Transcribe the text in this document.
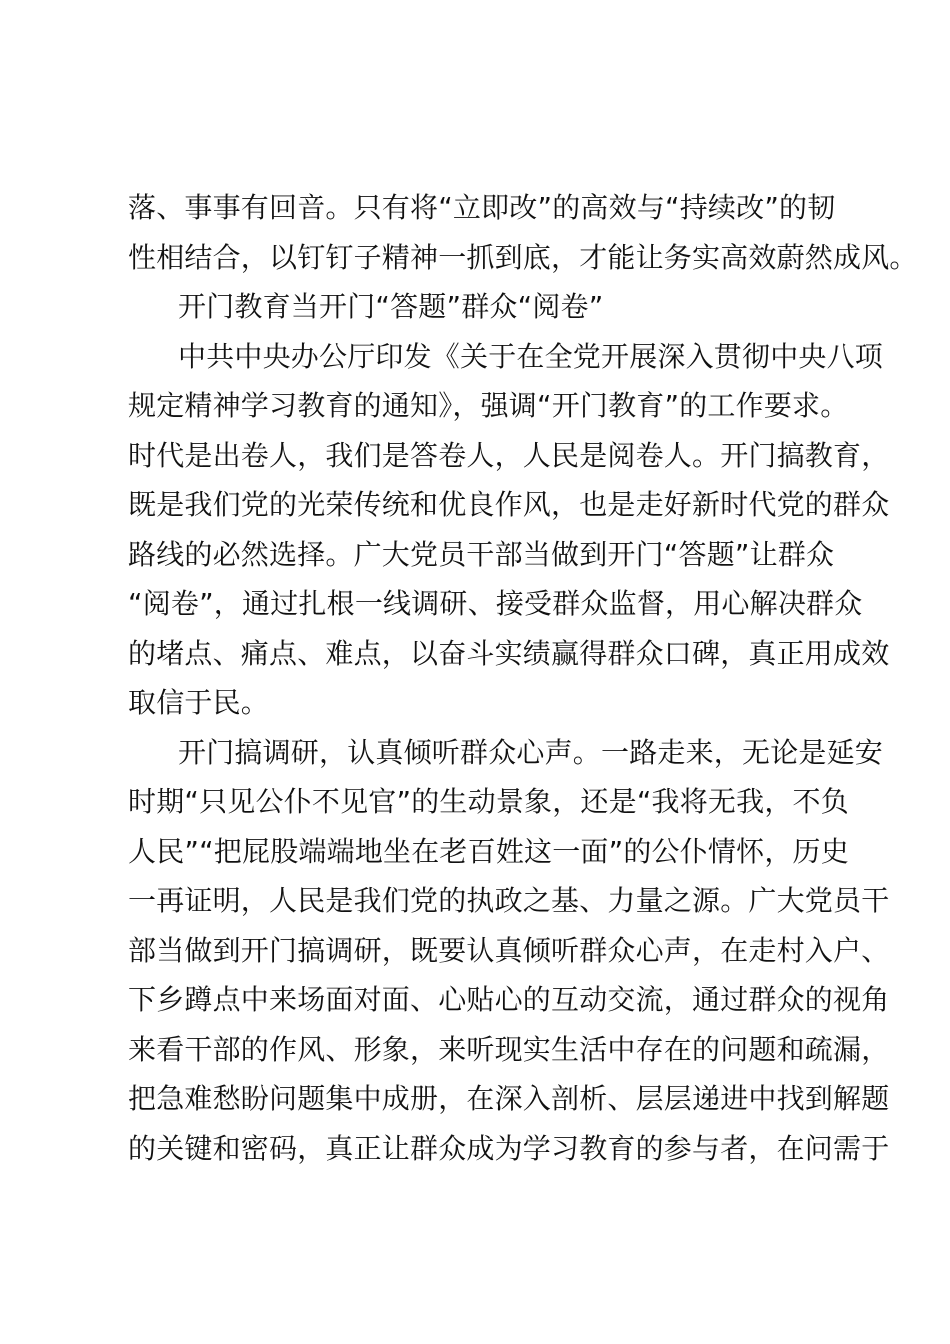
落、事事有回音。只有将“立即改”的高效与“持续改”的韧
性相结合，以钉钉子精神一抓到底，才能让务实高效蔚然成风。
开门教育当开门“答题”群众“阅卷”
中共中央办公厅印发《关于在全党开展深入贯彻中央八项
规定精神学习教育的通知》，强调“开门教育”的工作要求。
时代是出卷人，我们是答卷人，人民是阅卷人。开门搞教育，
既是我们党的光荣传统和优良作风，也是走好新时代党的群众
路线的必然选择。广大党员干部当做到开门“答题”让群众
“阅卷”，通过扎根一线调研、接受群众监督，用心解决群众
的堵点、痛点、难点，以奋斗实绩赢得群众口碑，真正用成效
取信于民。
开门搞调研，认真倾听群众心声。一路走来，无论是延安
时期“只见公仆不见官”的生动景象，还是“我将无我，不负
人民”“把屁股端端地坐在老百姓这一面”的公仆情怀，历史
一再证明，人民是我们党的执政之基、力量之源。广大党员干
部当做到开门搞调研，既要认真倾听群众心声，在走村入户、
下乡蹲点中来场面对面、心贴心的互动交流，通过群众的视角
来看干部的作风、形象，来听现实生活中存在的问题和疏漏，
把急难愁盼问题集中成册，在深入剖析、层层递进中找到解题
的关键和密码，真正让群众成为学习教育的参与者，在问需于
